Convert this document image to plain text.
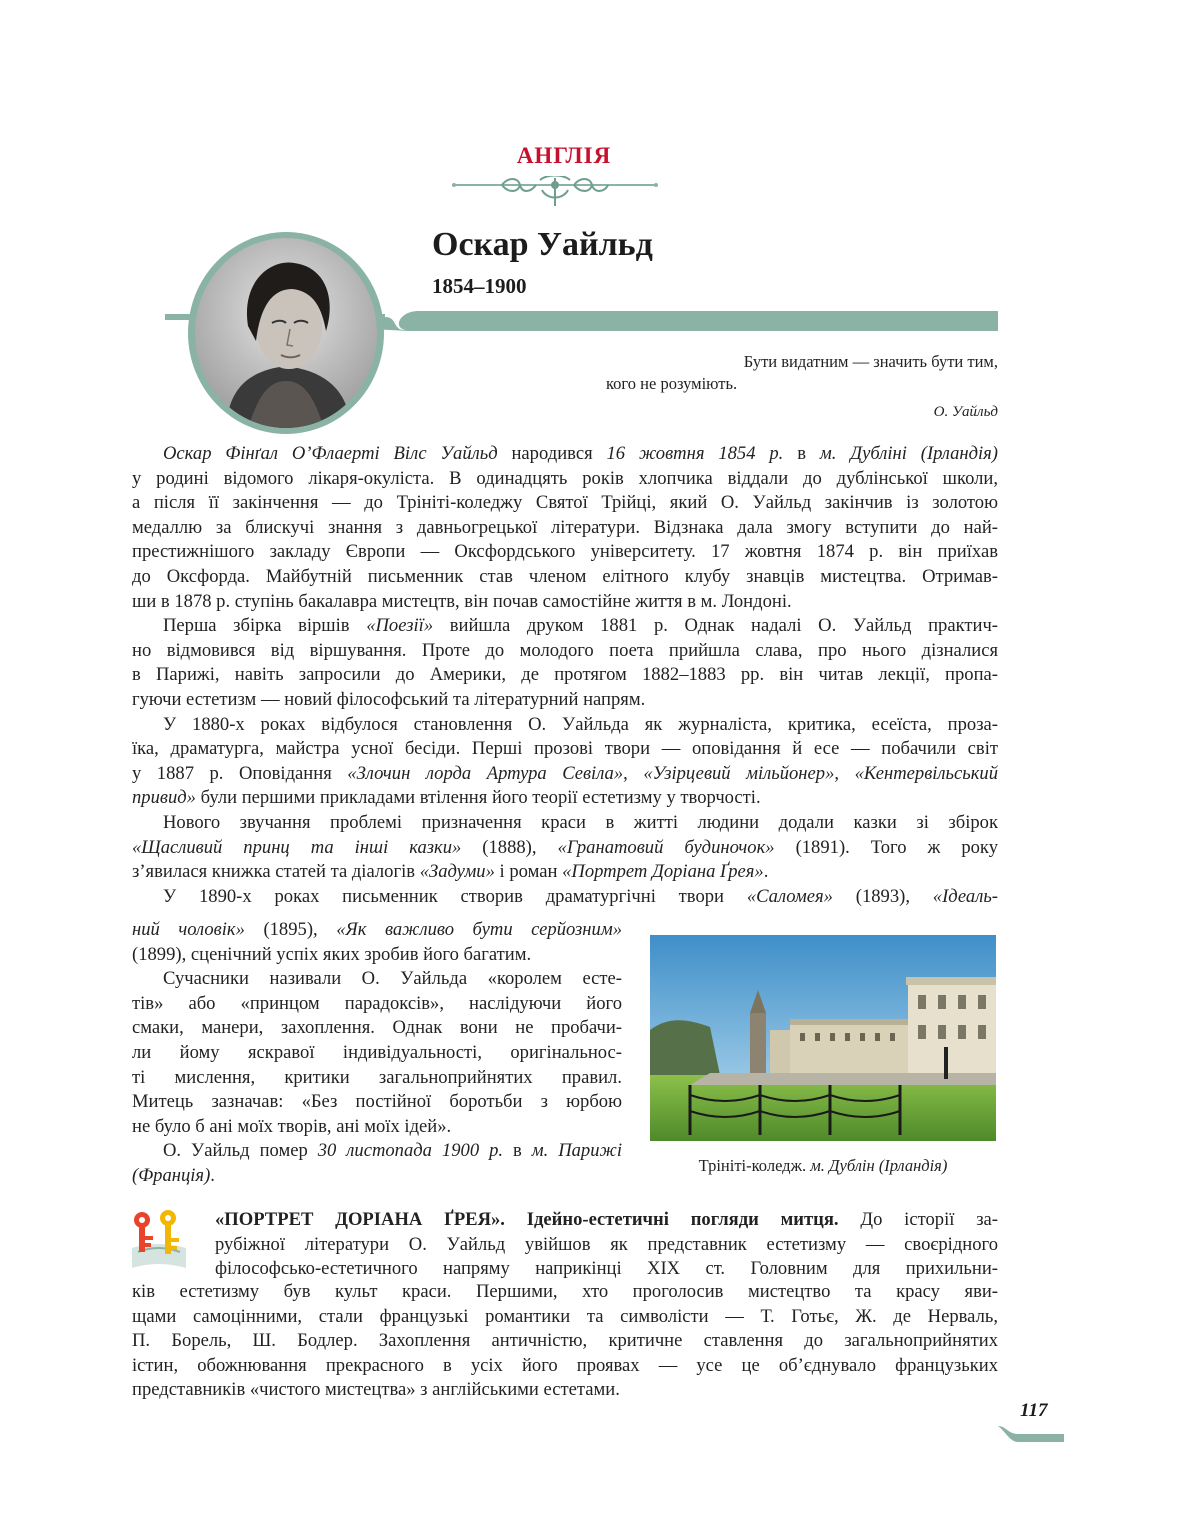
АНГЛІЯ
Оскар Уайльд
1854–1900
Бути видатним — значить бути тим,
кого не розуміють.
О. Уайльд
Оскар Фінґал О’Флаерті Вілс Уайльд народився 16 жовтня 1854 р. в м. Дубліні (Ірландія)
у родині відомого лікаря-окуліста. В одинадцять років хлопчика віддали до дублінської школи,
а після її закінчення — до Трініті-коледжу Святої Трійці, який О. Уайльд закінчив із золотою
медаллю за блискучі знання з давньогрецької літератури. Відзнака дала змогу вступити до най-
престижнішого закладу Європи — Оксфордського університету. 17 жовтня 1874 р. він приїхав
до Оксфорда. Майбутній письменник став членом елітного клубу знавців мистецтва. Отримав-
ши в 1878 р. ступінь бакалавра мистецтв, він почав самостійне життя в м. Лондоні.
Перша збірка віршів «Поезії» вийшла друком 1881 р. Однак надалі О. Уайльд практич-
но відмовився від віршування. Проте до молодого поета прийшла слава, про нього дізналися
в Парижі, навіть запросили до Америки, де протягом 1882–1883 рр. він читав лекції, пропа-
гуючи естетизм — новий філософський та літературний напрям.
У 1880-х роках відбулося становлення О. Уайльда як журналіста, критика, есеїста, проза-
їка, драматурга, майстра усної бесіди. Перші прозові твори — оповідання й есе — побачили світ
у 1887 р. Оповідання «Злочин лорда Артура Севіла», «Узірцевий мільйонер», «Кентервільський
привид» були першими прикладами втілення його теорії естетизму у творчості.
Нового звучання проблемі призначення краси в житті людини додали казки зі збірок
«Щасливий принц та інші казки» (1888), «Гранатовий будиночок» (1891). Того ж року
з’явилася книжка статей та діалогів «Задуми» і роман «Портрет Доріана Ґрея».
У 1890-х роках письменник створив драматургічні твори «Саломея» (1893), «Ідеаль-
ний чоловік» (1895), «Як важливо бути серйозним»
(1899), сценічний успіх яких зробив його багатим.
Сучасники називали О. Уайльда «королем есте-
тів» або «принцом парадоксів», наслідуючи його
смаки, манери, захоплення. Однак вони не пробачи-
ли йому яскравої індивідуальності, оригінальнос-
ті мислення, критики загальноприйнятих правил.
Митець зазначав: «Без постійної боротьби з юрбою
не було б ані моїх творів, ані моїх ідей».
О. Уайльд помер 30 листопада 1900 р. в м. Парижі
(Франція).	Трініті-коледж. м. Дублін (Ірландія)
«ПОРТРЕТ ДОРІАНА ҐРЕЯ». Ідейно-естетичні погляди митця. До історії за-
рубіжної літератури О. Уайльд увійшов як представник естетизму — своєрідного
філософсько-естетичного напряму наприкінці XIX ст. Головним для прихильни-
ків естетизму був культ краси. Першими, хто проголосив мистецтво та красу яви-
щами самоцінними, стали французькі романтики та символісти — Т. Готьє, Ж. де Нерваль,
П. Борель, Ш. Бодлер. Захоплення античністю, критичне ставлення до загальноприйнятих
істин, обожнювання прекрасного в усіх його проявах — усе це об’єднувало французьких
представників «чистого мистецтва» з англійськими естетами.
117
